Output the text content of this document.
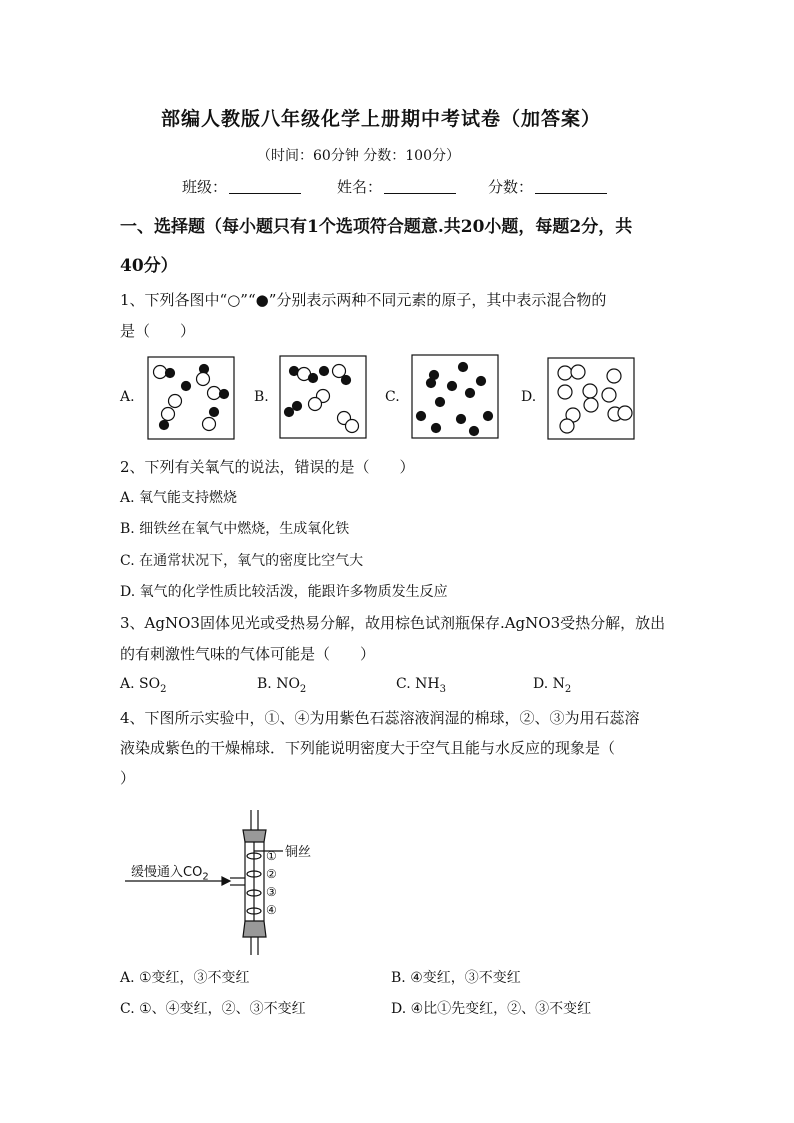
部编人教版八年级化学上册期中考试卷（加答案）
（时间：60分钟 分数：100分）
班级：	姓名：	分数：
一、选择题（每小题只有1个选项符合题意.共20小题，每题2分，共
40分）
1、下列各图中“○”“●”分别表示两种不同元素的原子，其中表示混合物的
是（　　）
A.	B.	C.	D.
2、下列有关氧气的说法，错误的是（　　）
A. 氧气能支持燃烧
B. 细铁丝在氧气中燃烧，生成氧化铁
C. 在通常状况下，氧气的密度比空气大
D. 氧气的化学性质比较活泼，能跟许多物质发生反应
3、AgNO3固体见光或受热易分解，故用棕色试剂瓶保存.AgNO3受热分解，放出
的有刺激性气味的气体可能是（　　）
A. $SO_2$	B. $NO_2$	C. $NH_3$	D. $N_2$
4、下图所示实验中，①、④为用紫色石蕊溶液润湿的棉球，②、③为用石蕊溶
液染成紫色的干燥棉球．下列能说明密度大于空气且能与水反应的现象是（
）
缓慢通入$CO_2$
铜丝
①
②
③
④
A. ①变红，③不变红	B. ④变红，③不变红
C. ①、④变红，②、③不变红	D. ④比①先变红，②、③不变红
